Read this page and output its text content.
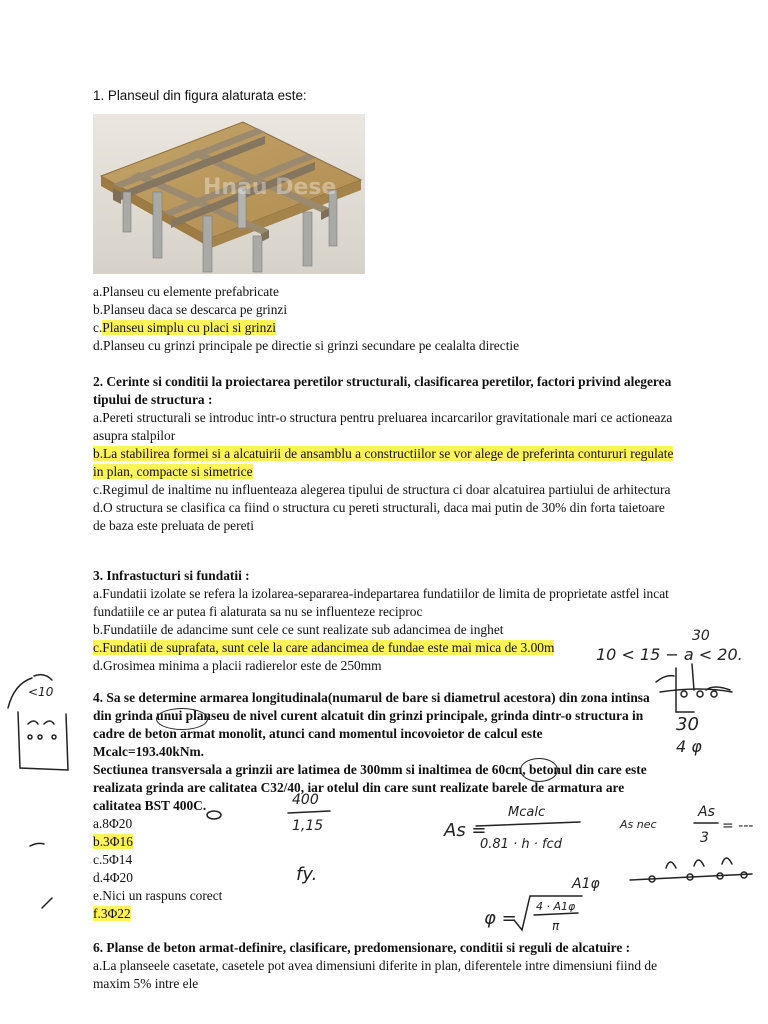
1. Planseul din figura alaturata este:
Hnau Dese

a.Planseu cu elemente prefabricate

b.Planseu daca se descarca pe grinzi

c.Planseu simplu cu placi si grinzi

d.Planseu cu grinzi principale pe directie si grinzi secundare pe cealalta directie

2. Cerinte si conditii la proiectarea peretilor structurali, clasificarea peretilor, factori privind alegerea tipului de structura :

a.Pereti structurali se introduc intr-o structura pentru preluarea incarcarilor gravitationale mari ce actioneaza asupra stalpilor

b.La stabilirea formei si a alcatuirii de ansamblu a constructiilor se vor alege de preferinta contururi regulate in plan, compacte si simetrice

c.Regimul de inaltime nu influenteaza alegerea tipului de structura ci doar alcatuirea partiului de arhitectura

d.O structura se clasifica ca fiind o structura cu pereti structurali, daca mai putin de 30% din forta taietoare de baza este preluata de pereti

3. Infrastucturi si fundatii :

a.Fundatii izolate se refera la izolarea-separarea-indepartarea fundatiilor de limita de proprietate astfel incat fundatiile ce ar putea fi alaturata sa nu se influenteze reciproc

b.Fundatiile de adancime sunt cele ce sunt realizate sub adancimea de inghet

c.Fundatii de suprafata, sunt cele la care adancimea de fundae este mai mica de 3.00m

d.Grosimea minima a placii radierelor este de 250mm

4. Sa se determine armarea longitudinala(numarul de bare si diametrul acestora) din zona intinsa din grinda unui planseu de nivel curent alcatuit din grinzi principale, grinda dintr-o structura in cadre de beton armat monolit, atunci cand momentul incovoietor de calcul este Mcalc=193.40kNm.

Sectiunea transversala a grinzii are latimea de 300mm si inaltimea de 60cm, betonul din care este realizata grinda are calitatea C32/40, iar otelul din care sunt realizate barele de armatura are calitatea BST 400C.

a.8Φ20

b.3Φ16

c.5Φ14

d.4Φ20

e.Nici un raspuns corect

f.3Φ22

6. Planse de beton armat-definire, clasificare, predomensionare, conditii si reguli de alcatuire :

a.La planseele casetate, casetele pot avea dimensiuni diferite in plan, diferentele intre dimensiuni fiind de maxim 5% intre ele

30
10 < 15 − a < 20.
30
4 φ
400
1,15
fy.
As =
Mcalc
0.81 · h · fcd
As nec
As
3
= ---
A1φ
φ =
4 · A1φ
π
<10
